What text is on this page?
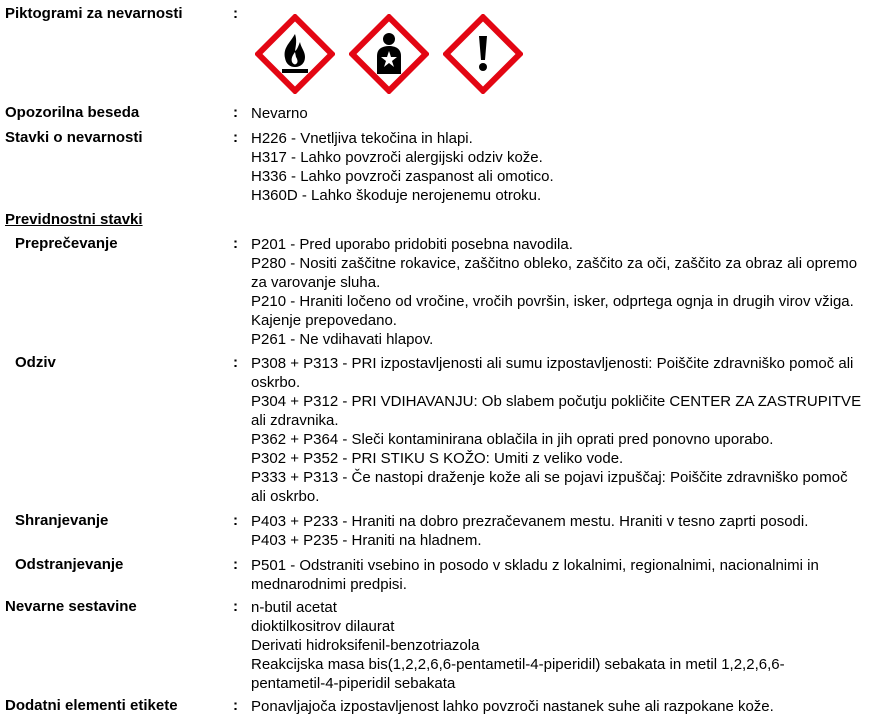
Piktogrami za nevarnosti	:
Opozorilna beseda	: Nevarno
Stavki o nevarnosti	: H226 - Vnetljiva tekočina in hlapi.
H317 - Lahko povzroči alergijski odziv kože.
H336 - Lahko povzroči zaspanost ali omotico.
H360D - Lahko škoduje nerojenemu otroku.
Previdnostni stavki
Preprečevanje	: P201 - Pred uporabo pridobiti posebna navodila.
P280 - Nositi zaščitne rokavice, zaščitno obleko, zaščito za oči, zaščito za obraz ali opremo za varovanje sluha.
P210 - Hraniti ločeno od vročine, vročih površin, isker, odprtega ognja in drugih virov vžiga. Kajenje prepovedano.
P261 - Ne vdihavati hlapov.
Odziv	: P308 + P313 - PRI izpostavljenosti ali sumu izpostavljenosti: Poiščite zdravniško pomoč ali oskrbo.
P304 + P312 - PRI VDIHAVANJU: Ob slabem počutju pokličite CENTER ZA ZASTRUPITVE ali zdravnika.
P362 + P364 - Sleči kontaminirana oblačila in jih oprati pred ponovno uporabo.
P302 + P352 - PRI STIKU S KOŽO: Umiti z veliko vode.
P333 + P313 - Če nastopi draženje kože ali se pojavi izpuščaj: Poiščite zdravniško pomoč ali oskrbo.
Shranjevanje	: P403 + P233 - Hraniti na dobro prezračevanem mestu. Hraniti v tesno zaprti posodi.
P403 + P235 - Hraniti na hladnem.
Odstranjevanje	: P501 - Odstraniti vsebino in posodo v skladu z lokalnimi, regionalnimi, nacionalnimi in mednarodnimi predpisi.
Nevarne sestavine	: n-butil acetat
dioktilkositrov dilaurat
Derivati hidroksifenil-benzotriazola
Reakcijska masa bis(1,2,2,6,6-pentametil-4-piperidil) sebakata in metil 1,2,2,6,6-pentametil-4-piperidil sebakata
Dodatni elementi etikete	: Ponavljajoča izpostavljenost lahko povzroči nastanek suhe ali razpokane kože.
